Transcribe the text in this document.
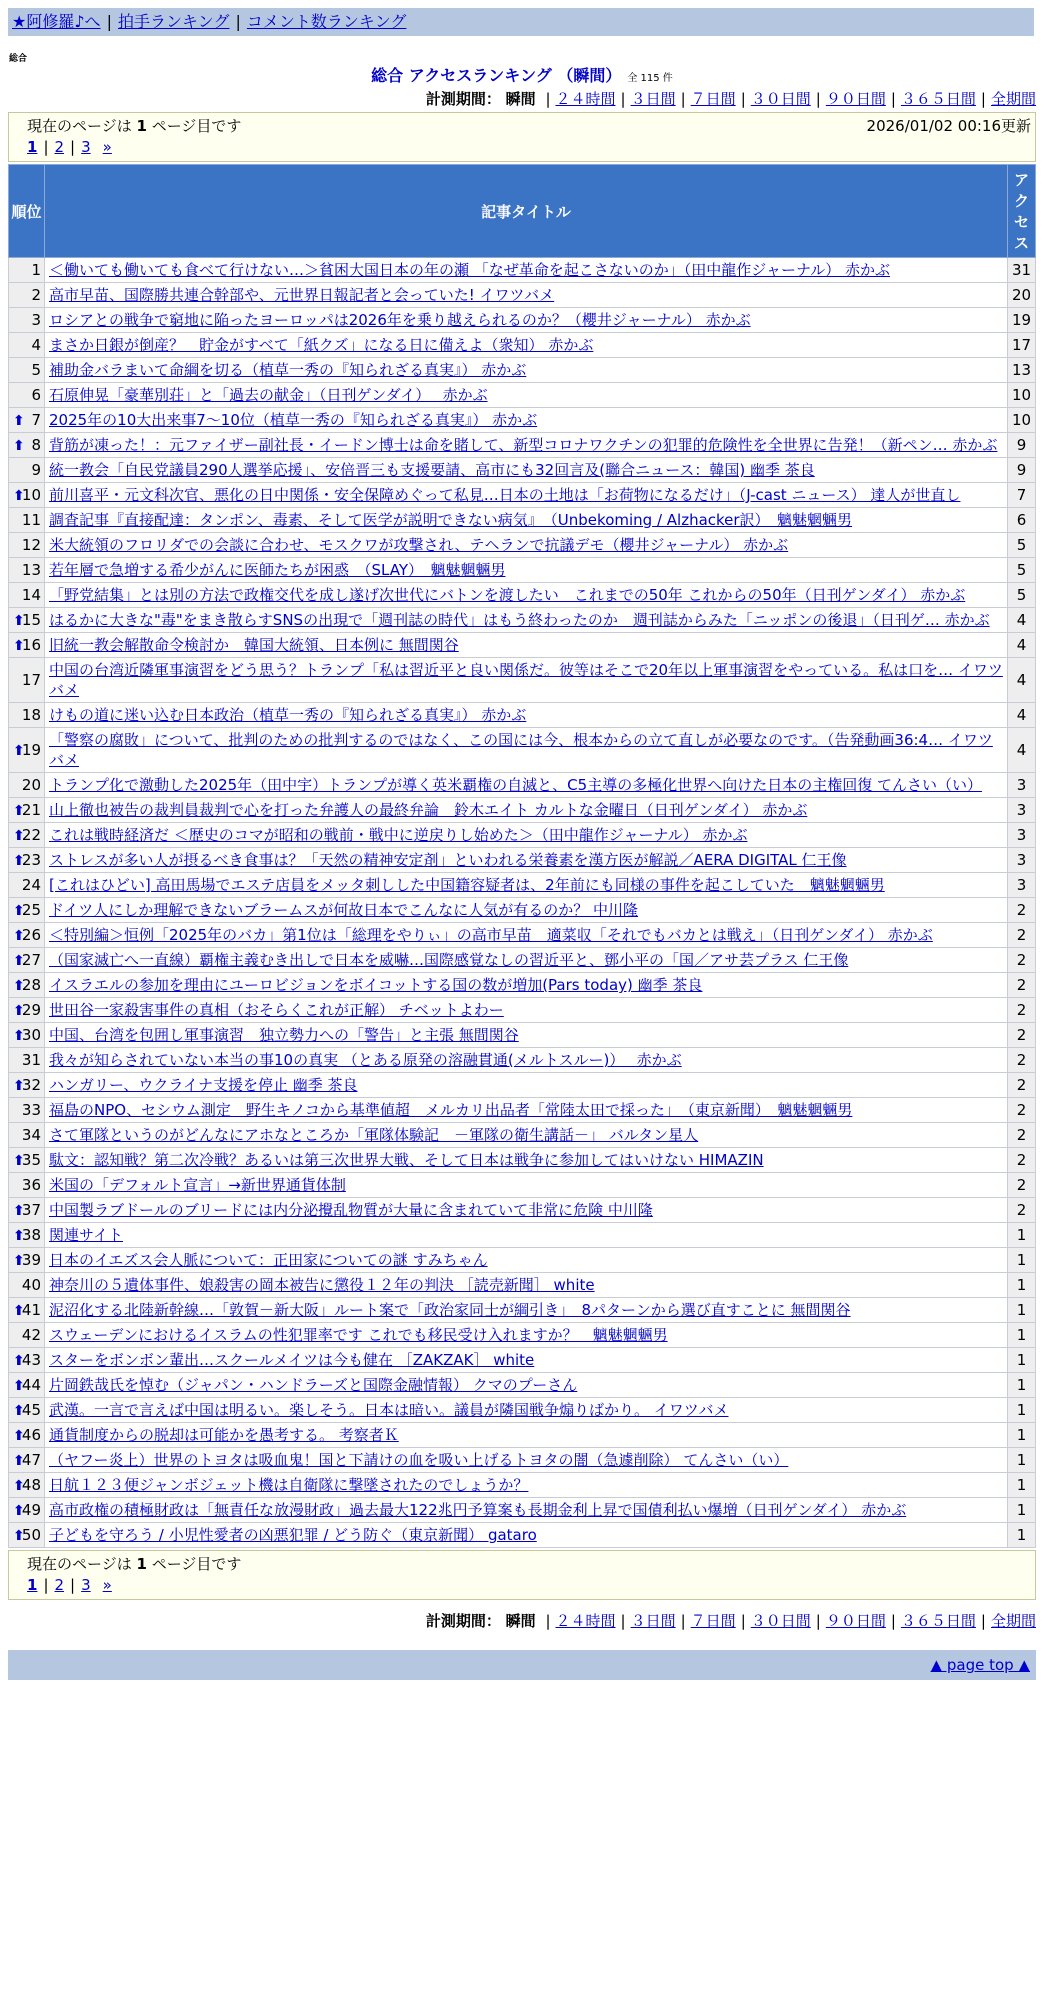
★阿修羅♪へ | 拍手ランキング | コメント数ランキング
総合
総合 アクセスランキング （瞬間） 全 115 件
計測期間： 瞬間 | ２４時間 | ３日間 | ７日間 | ３０日間 | ９０日間 | ３６５日間 | 全期間
現在のページは 1 ページ目です	2026/01/02 00:16更新
1 | 2 | 3 »
順位	記事タイトル	アクセス
1	＜働いても働いても食べて行けない…＞貧困大国日本の年の瀬 「なぜ革命を起こさないのか」（田中龍作ジャーナル） 赤かぶ	31
2	高市早苗、国際勝共連合幹部や、元世界日報記者と会っていた! イワツバメ	20
3	ロシアとの戦争で窮地に陥ったヨーロッパは2026年を乗り越えられるのか？（櫻井ジャーナル） 赤かぶ	19
4	まさか日銀が倒産？　貯金がすべて「紙クズ」になる日に備えよ（衆知） 赤かぶ	17
5	補助金バラまいて命綱を切る（植草一秀の『知られざる真実』） 赤かぶ	13
6	石原伸晃「豪華別荘」と「過去の献金」（日刊ゲンダイ）　 赤かぶ	10

⬆ 7	2025年の10大出来事7～10位（植草一秀の『知られざる真実』） 赤かぶ	10

⬆ 8	背筋が凍った！：元ファイザー副社長・イードン博士は命を賭して、新型コロナワクチンの犯罪的危険性を全世界に告発！（新ペン… 赤かぶ	9
9	統一教会「自民党議員290人選挙応援」、安倍晋三も支援要請、高市にも32回言及(聯合ニュース：韓国) 幽季 茶良	9

⬆
10	前川喜平・元文科次官、悪化の日中関係・安全保障めぐって私見…日本の土地は「お荷物になるだけ」（J-cast ニュース） 達人が世直し	7
11	調査記事『直接配達：タンポン、毒素、そして医学が説明できない病気』　（Unbekoming / Alzhacker訳）　魑魅魍魎男	6
12	米大統領のフロリダでの会談に合わせ、モスクワが攻撃され、テヘランで抗議デモ（櫻井ジャーナル） 赤かぶ	5
13	若年層で急増する希少がんに医師たちが困惑　（SLAY）　魑魅魍魎男	5
14	「野党結集」とは別の方法で政権交代を成し遂げ次世代にバトンを渡したい　これまでの50年 これからの50年（日刊ゲンダイ） 赤かぶ	5

⬆
15	はるかに大きな"毒"をまき散らすSNSの出現で「週刊誌の時代」はもう終わったのか　週刊誌からみた「ニッポンの後退」（日刊ゲ… 赤かぶ	4

⬆
16	旧統一教会解散命令検討か　韓国大統領、日本例に 無間関谷	4
17	中国の台湾近隣軍事演習をどう思う？トランプ「私は習近平と良い関係だ。彼等はそこで20年以上軍事演習をやっている。私は口を… イワツバメ	4
18	けもの道に迷い込む日本政治（植草一秀の『知られざる真実』） 赤かぶ	4

⬆
19	「警察の腐敗」について、批判のための批判するのではなく、この国には今、根本からの立て直しが必要なのです。（告発動画36:4… イワツバメ	4
20	トランプ化で激動した2025年（田中宇）トランプが導く英米覇権の自滅と、C5主導の多極化世界へ向けた日本の主権回復 てんさい（い）	3

⬆
21	山上徹也被告の裁判員裁判で心を打った弁護人の最終弁論　鈴木エイト カルトな金曜日（日刊ゲンダイ） 赤かぶ	3

⬆
22	これは戦時経済だ ＜歴史のコマが昭和の戦前・戦中に逆戻りし始めた＞（田中龍作ジャーナル） 赤かぶ	3

⬆
23	ストレスが多い人が摂るべき食事は？「天然の精神安定剤」といわれる栄養素を漢方医が解説／AERA DIGITAL 仁王像	3
24	[これはひどい] 高田馬場でエステ店員をメッタ刺しした中国籍容疑者は、2年前にも同様の事件を起こしていた　魑魅魍魎男	3

⬆
25	ドイツ人にしか理解できないブラームスが何故日本でこんなに人気が有るのか？ 中川隆	2

⬆
26	＜特別編＞恒例「2025年のバカ」第1位は「総理をやりぃ」の高市早苗　適菜収「それでもバカとは戦え」（日刊ゲンダイ） 赤かぶ	2

⬆
27	（国家滅亡へ一直線）覇権主義むき出しで日本を威嚇…国際感覚なしの習近平と、鄧小平の「国／アサ芸プラス 仁王像	2

⬆
28	イスラエルの参加を理由にユーロビジョンをボイコットする国の数が増加(Pars today) 幽季 茶良	2

⬆
29	世田谷一家殺害事件の真相（おそらくこれが正解） チベットよわー	2

⬆
30	中国、台湾を包囲し軍事演習　独立勢力への「警告」と主張 無間関谷	2
31	我々が知らされていない本当の事10の真実 （とある原発の溶融貫通(メルトスルー)）　 赤かぶ	2

⬆
32	ハンガリー、ウクライナ支援を停止 幽季 茶良	2
33	福島のNPO、セシウム測定　野生キノコから基準値超　メルカリ出品者「常陸太田で採った」　（東京新聞）　魑魅魍魎男	2
34	さて軍隊というのがどんなにアホなところか「軍隊体験記　－軍隊の衛生講話－」 バルタン星人	2

⬆
35	駄文：認知戦？第二次冷戦？あるいは第三次世界大戦、そして日本は戦争に参加してはいけない HIMAZIN	2
36	米国の「デフォルト宣言」→新世界通貨体制	2

⬆
37	中国製ラブドールのブリードには内分泌攪乱物質が大量に含まれていて非常に危険 中川隆	2

⬆
38	関連サイト	1

⬆
39	日本のイエズス会人脈について：正田家についての謎 すみちゃん	1
40	神奈川の５遺体事件、娘殺害の岡本被告に懲役１２年の判決 ［読売新聞］ white	1

⬆
41	泥沼化する北陸新幹線…「敦賀－新大阪」ルート案で「政治家同士が綱引き」　8パターンから選び直すことに 無間関谷	1
42	スウェーデンにおけるイスラムの性犯罪率です これでも移民受け入れますか？　魑魅魍魎男	1

⬆
43	スターをボンボン輩出…スクールメイツは今も健在 ［ZAKZAK］ white	1

⬆
44	片岡鉄哉氏を悼む（ジャパン・ハンドラーズと国際金融情報） クマのプーさん	1

⬆
45	武漢。一言で言えば中国は明るい。楽しそう。日本は暗い。議員が隣国戦争煽りばかり。 イワツバメ	1

⬆
46	通貨制度からの脱却は可能かを愚考する。 考察者Ｋ	1

⬆
47	（ヤフー炎上）世界のトヨタは吸血鬼！国と下請けの血を吸い上げるトヨタの闇（急遽削除） てんさい（い）	1

⬆
48	日航１２３便ジャンボジェット機は自衛隊に撃墜されたのでしょうか？	1

⬆
49	高市政権の積極財政は「無責任な放漫財政」過去最大122兆円予算案も長期金利上昇で国債利払い爆増（日刊ゲンダイ） 赤かぶ	1

⬆
50	子どもを守ろう / 小児性愛者の凶悪犯罪 / どう防ぐ（東京新聞） gataro	1
現在のページは 1 ページ目です
1 | 2 | 3 »
計測期間： 瞬間 | ２４時間 | ３日間 | ７日間 | ３０日間 | ９０日間 | ３６５日間 | 全期間
▲ page top ▲
